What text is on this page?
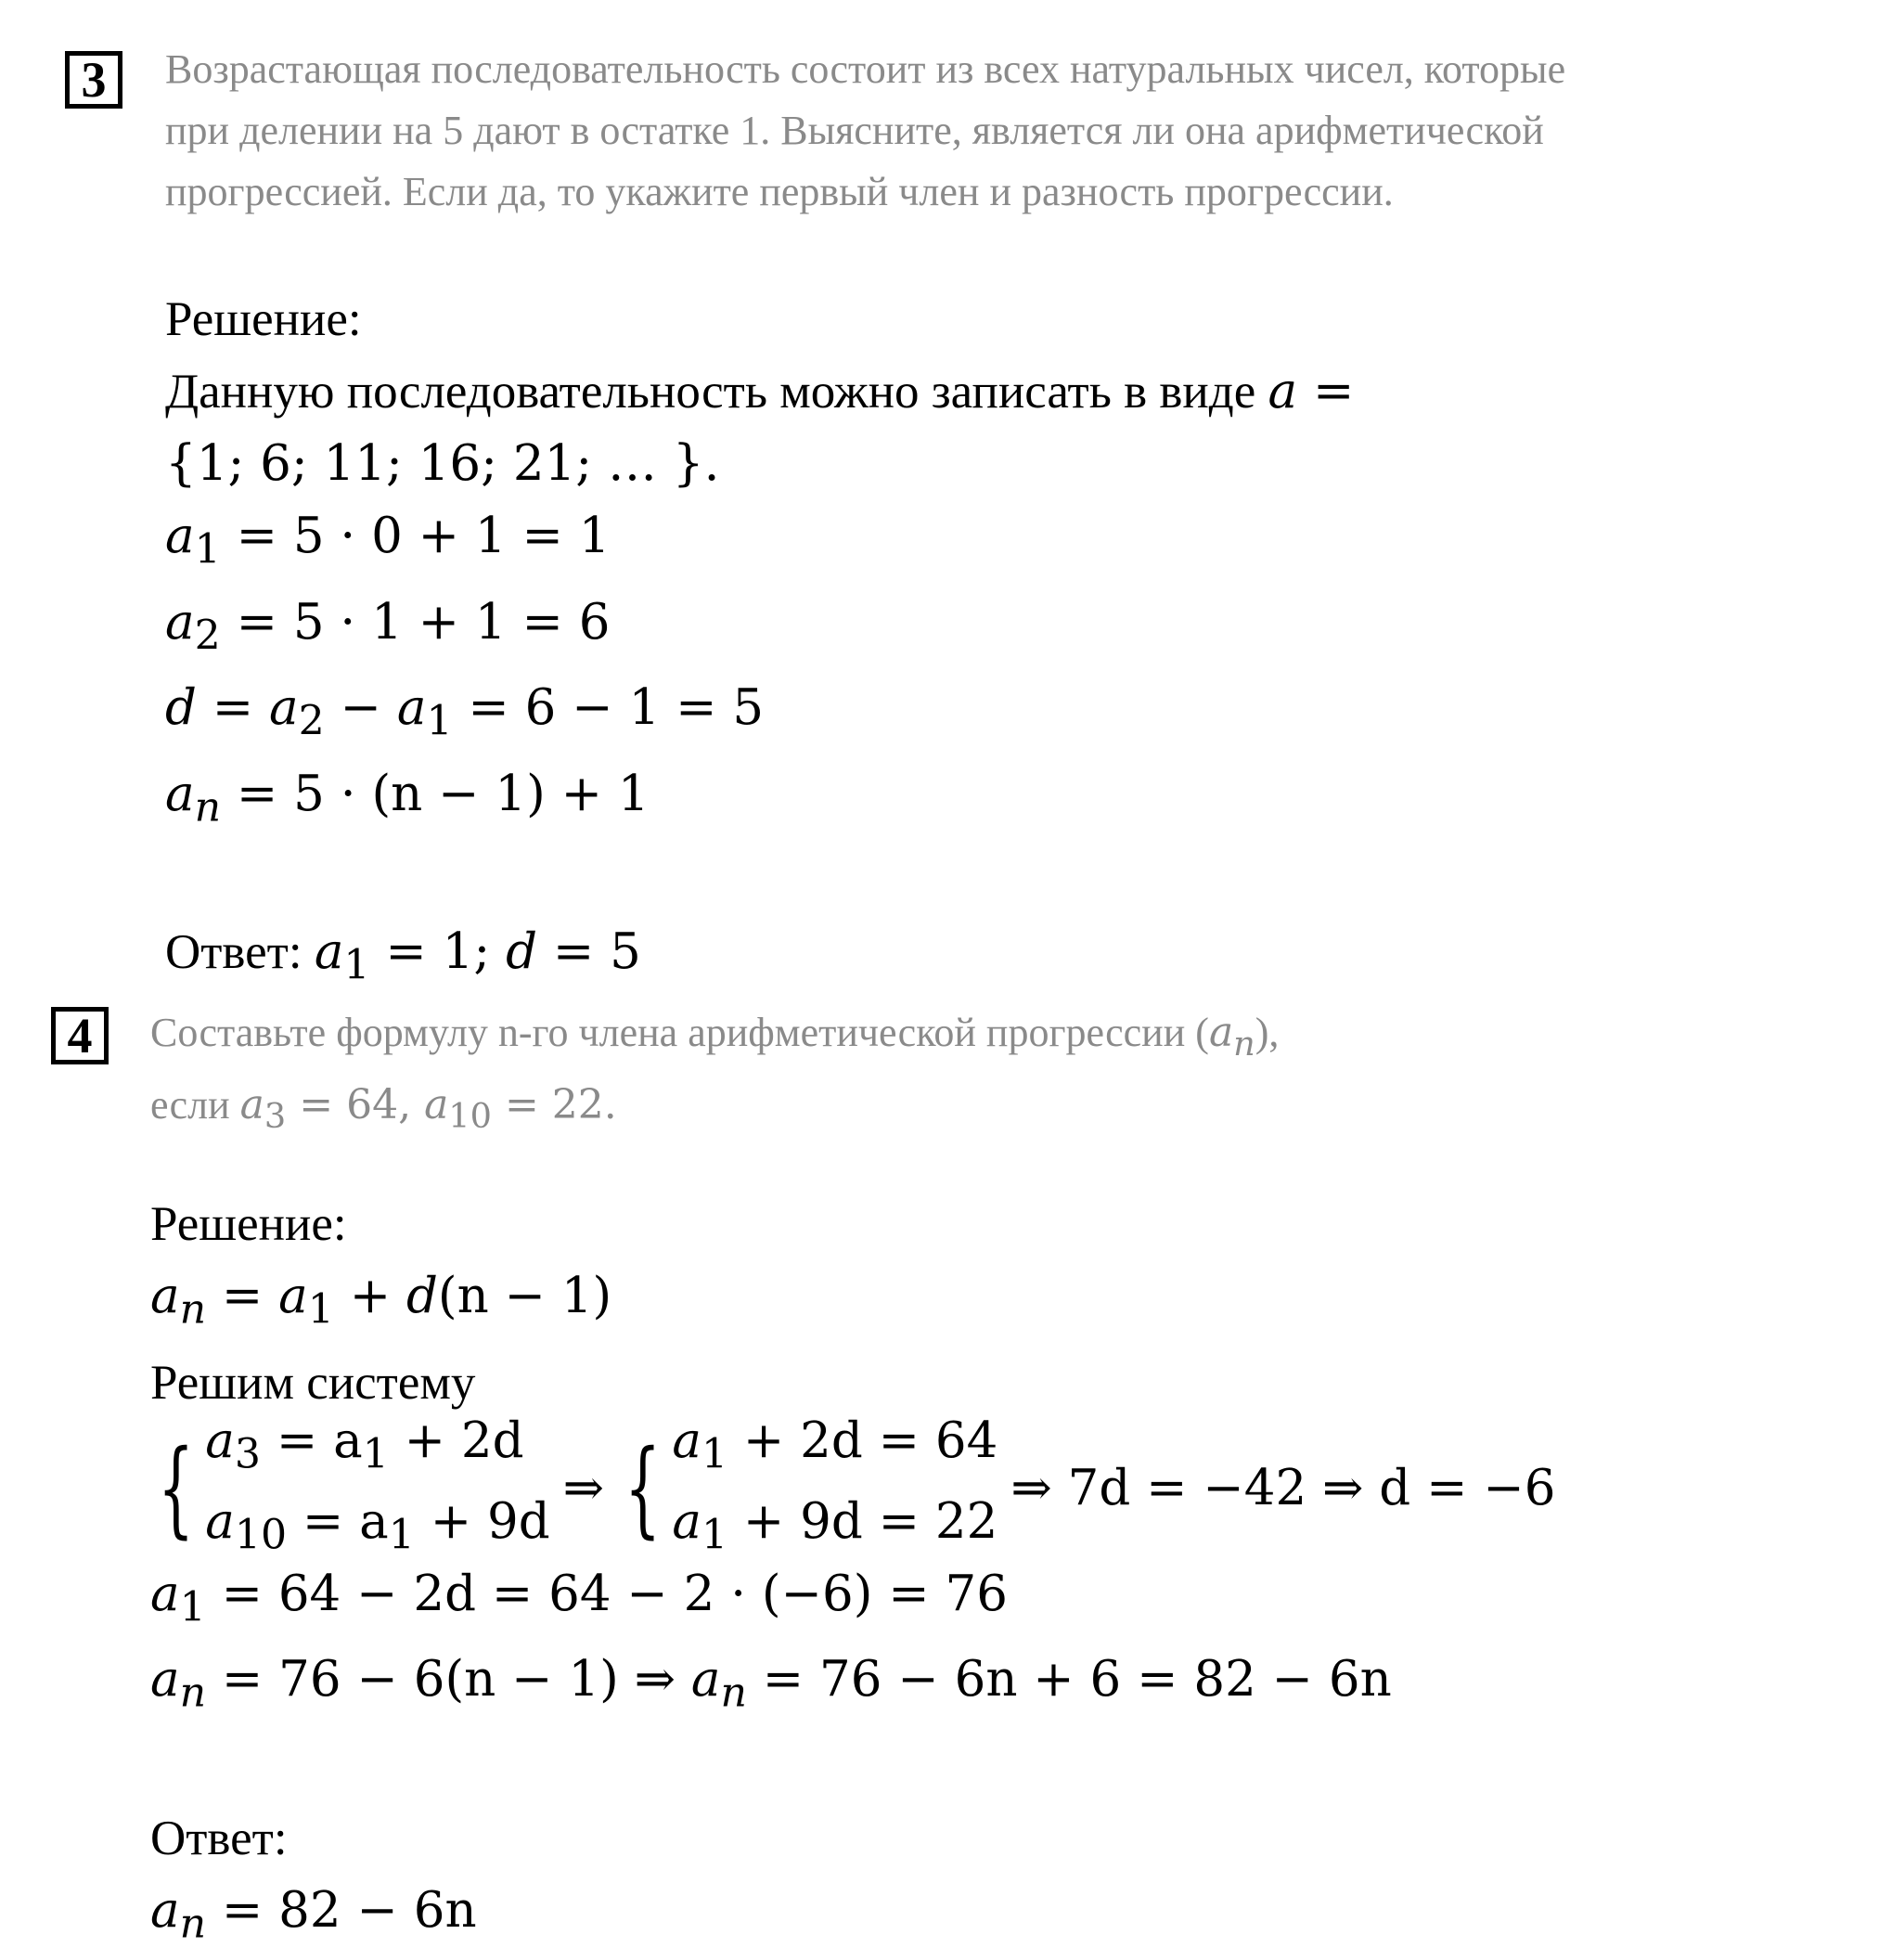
3 Возрастающая последовательность состоит из всех натуральных чисел, которые
при делении на 5 дают в остатке 1. Выясните, является ли она арифметической
прогрессией. Если да, то укажите первый член и разность прогрессии.
Решение:
Данную последовательность можно записать в виде a =
{1; 6; 11; 16; 21; … }.
$a_1 = 5 \cdot 0 + 1 = 1$
$a_2 = 5 \cdot 1 + 1 = 6$
$d = a_2 - a_1 = 6 - 1 = 5$
$a_n = 5 \cdot (n - 1) + 1$
Ответ: $a_1 = 1$; d = 5
4 Составьте формулу n-го члена арифметической прогрессии $(a_n)$,
если $a_3 = 64$, $a_{10} = 22$.
Решение:
$a_n = a_1 + d(n - 1)$
Решим систему
{ $a_3 = a_1 + 2d$
$a_{10} = a_1 + 9d$
⇒ { $a_1 + 2d = 64$
$a_1 + 9d = 22$
⇒ 7d = −42 ⇒ d = −6
$a_1 = 64 - 2d = 64 - 2 \cdot (-6) = 76$
$a_n = 76 - 6(n - 1)$ ⇒ $a_n = 76 - 6n + 6 = 82 - 6n$
Ответ:
$a_n = 82 - 6n$
